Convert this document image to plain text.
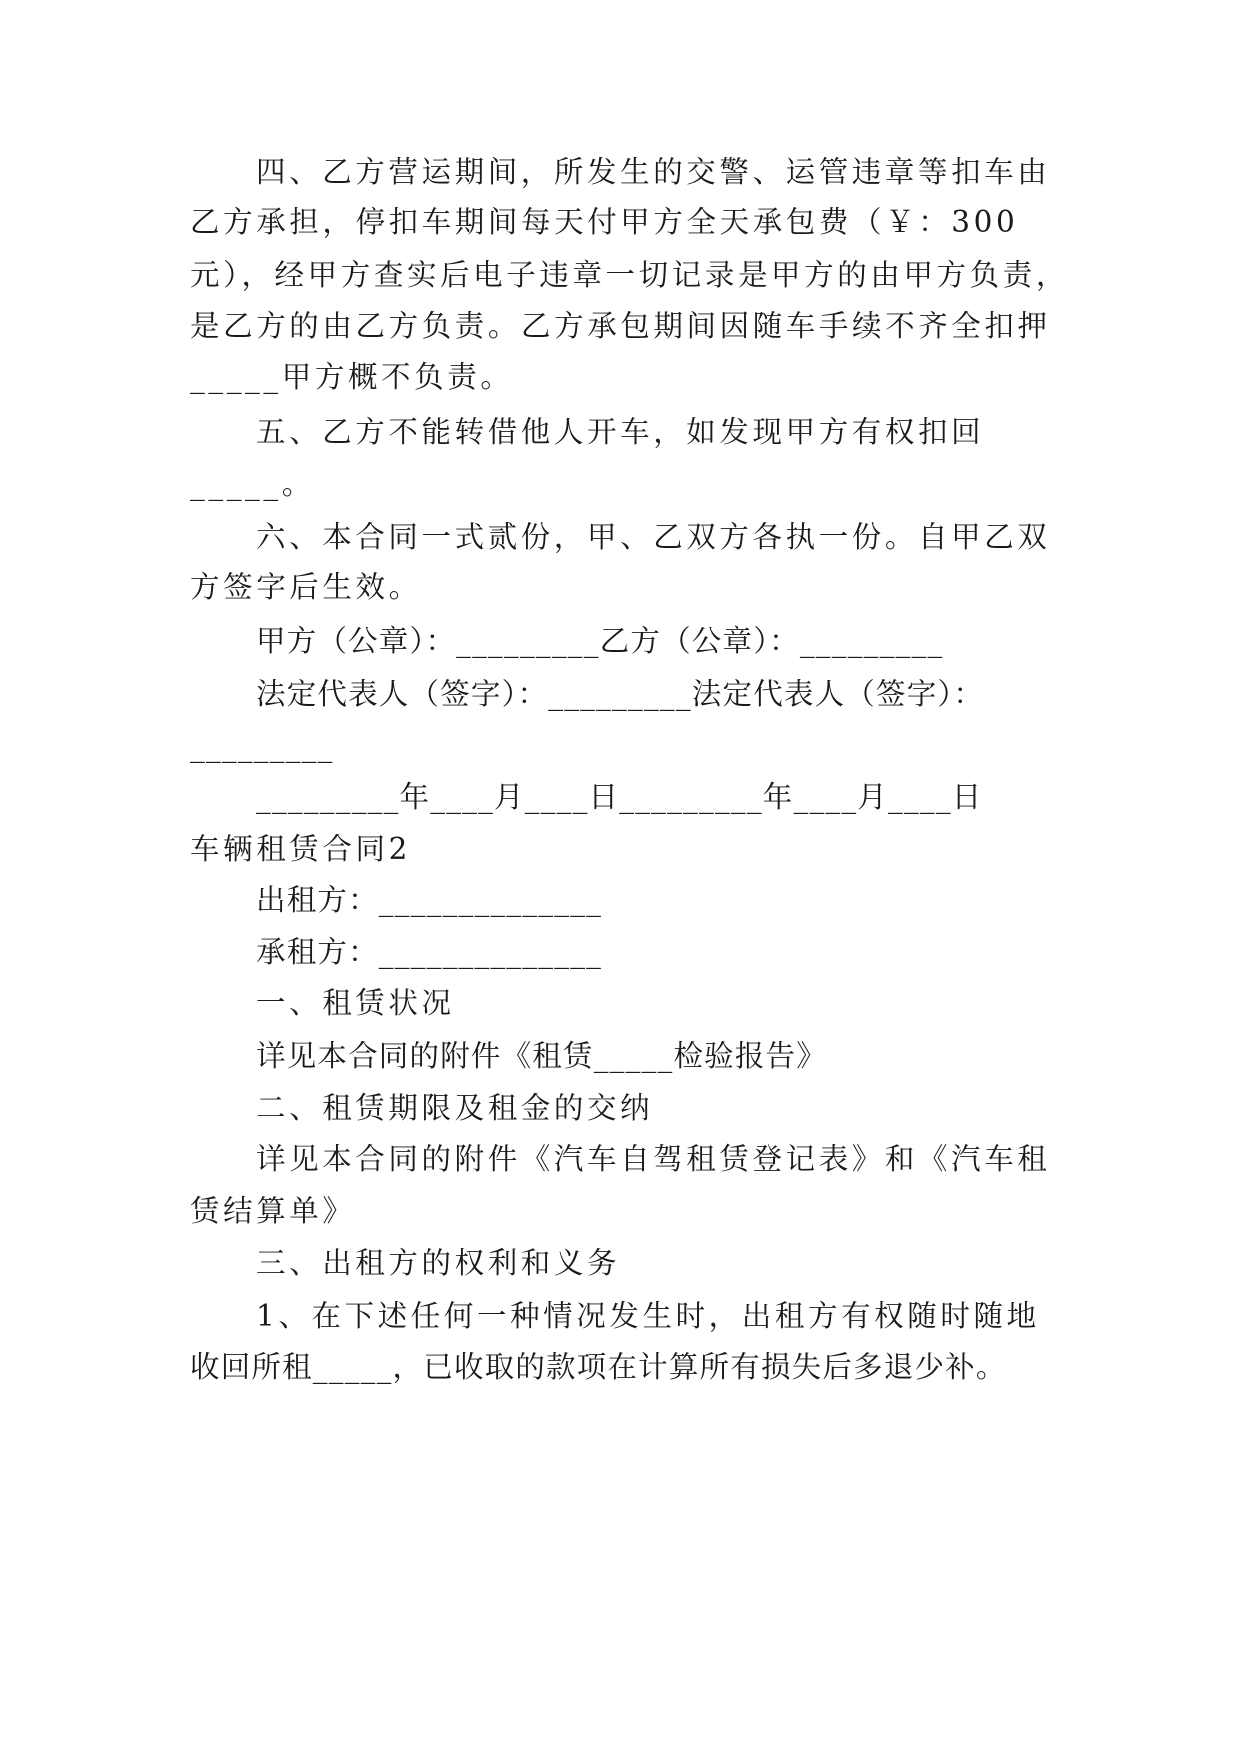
四、乙方营运期间，所发生的交警、运管违章等扣车由
乙方承担，停扣车期间每天付甲方全天承包费（￥：300
元），经甲方查实后电子违章一切记录是甲方的由甲方负责，
是乙方的由乙方负责。乙方承包期间因随车手续不齐全扣押
_____甲方概不负责。
五、乙方不能转借他人开车，如发现甲方有权扣回
_____。
六、本合同一式贰份，甲、乙双方各执一份。自甲乙双
方签字后生效。
甲方（公章）：_________乙方（公章）：_________
法定代表人（签字）：_________法定代表人（签字）：
_________
_________年____月____日_________年____月____日
车辆租赁合同2
出租方：______________
承租方：______________
一、租赁状况
详见本合同的附件《租赁_____检验报告》
二、租赁期限及租金的交纳
详见本合同的附件《汽车自驾租赁登记表》和《汽车租
赁结算单》
三、出租方的权利和义务
1、在下述任何一种情况发生时，出租方有权随时随地
收回所租_____，已收取的款项在计算所有损失后多退少补。
